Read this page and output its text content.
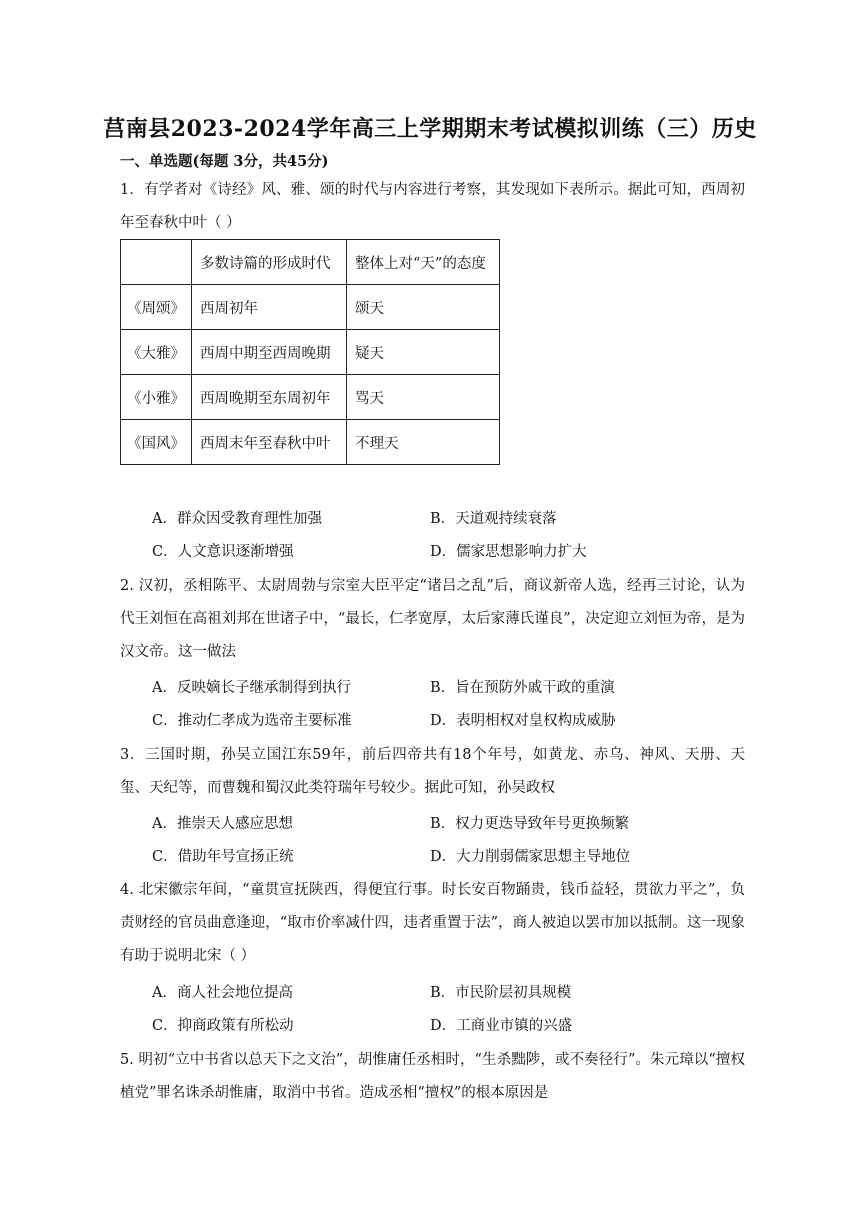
莒南县2023-2024学年高三上学期期末考试模拟训练（三）历史
一、单选题(每题 3分，共45分)
1．有学者对《诗经》风、雅、颂的时代与内容进行考察，其发现如下表所示。据此可知，西周初年至春秋中叶（ ）
	多数诗篇的形成时代	整体上对“天”的态度
《周颂》	西周初年	颂天
《大雅》	西周中期至西周晚期	疑天
《小雅》	西周晚期至东周初年	骂天
《国风》	西周末年至春秋中叶	不理天
A．群众因受教育理性加强	B．天道观持续衰落
C．人文意识逐渐增强	D．儒家思想影响力扩大
2. 汉初，丞相陈平、太尉周勃与宗室大臣平定“诸吕之乱”后，商议新帝人选，经再三讨论，认为代王刘恒在高祖刘邦在世诸子中，“最长，仁孝宽厚，太后家薄氏谨良”，决定迎立刘恒为帝，是为汉文帝。这一做法
A．反映嫡长子继承制得到执行	B．旨在预防外戚干政的重演
C．推动仁孝成为选帝主要标准	D．表明相权对皇权构成威胁
3．三国时期，孙吴立国江东59年，前后四帝共有18个年号，如黄龙、赤乌、神风、天册、天玺、天纪等，而曹魏和蜀汉此类符瑞年号较少。据此可知，孙吴政权
A．推崇天人感应思想	B．权力更迭导致年号更换频繁
C．借助年号宣扬正统	D．大力削弱儒家思想主导地位
4. 北宋徽宗年间，“童贯宣抚陕西，得便宜行事。时长安百物踊贵，钱币益轻，贯欲力平之”，负责财经的官员曲意逢迎，“取市价率减什四，违者重置于法”，商人被迫以罢市加以抵制。这一现象有助于说明北宋（ ）
A．商人社会地位提高	B．市民阶层初具规模
C．抑商政策有所松动	D．工商业市镇的兴盛
5. 明初“立中书省以总天下之文治”，胡惟庸任丞相时，“生杀黜陟，或不奏径行”。朱元璋以“擅权植党”罪名诛杀胡惟庸，取消中书省。造成丞相“擅权”的根本原因是
